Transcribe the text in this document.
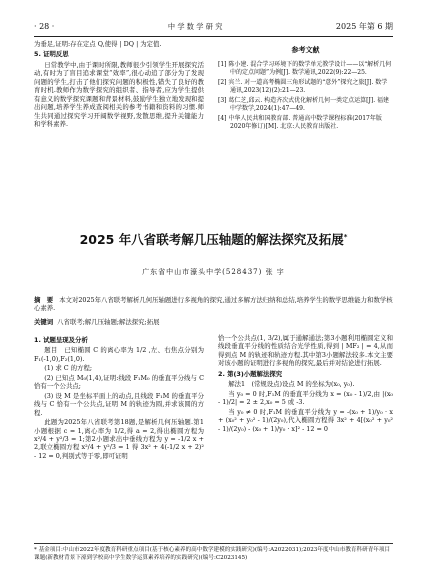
· 28 ·	中 学 数 学 研 究	2025 年第 6 期

为垂足,证明:存在定点 Q,使得 | DQ | 为定值.

5. 证明反思

日常教学中,由于课时所限,教师很少引领学生开展探究活动,有时为了盲目追求课堂“效率”,很心动追了部分为了发现问题的学生,打击了他们探究问题的积极性,错失了良好的教育时机.教师作为数学探究的组织者、指导者,应为学生提供有意义的数学探究课题和背景材料,鼓励学生独立地发现和提出问题,培养学生养成查阅相关的参考书籍和资料的习惯.师生共同通过探究学习开阔数学视野,发散思维,提升关键能力和学科素养.

参考文献

[1] 陈小建. 混合学习环境下的数学单元教学设计——以“解析几何中的定点问题”为例[J]. 数学通讯,2022(9):22—25.

[2] 宾兰. 对一道高考椭圆三角形试题的“意外”探究之旅[J]. 数学通讯,2023(12)(2):21—23.

[3] 葛仁芝,邱云. 构造齐次式优化解析几何一类定点运算[J]. 福建中学数学,2024(1):47—49.

[4] 中华人民共和国教育部. 普通高中数学课程标准(2017年版2020年修订)[M]. 北京:人民教育出版社.

2025 年八省联考解几压轴题的解法探究及拓展*
广东省中山市濠头中学(528437) 张 宇
摘　要 本文对2025年八省联考解析几何压轴题进行多视角的探究,通过多解方法归纳和总结,培养学生的数学思维能力和数学核心素养.
关键词 八省联考;解几压轴题;解法探究;拓展

1. 试题呈现及分析

题目　已知椭圆 C 的离心率为 1/2 ,左、右焦点分别为 F₁(-1,0),F₂(1,0).

(1) 求 C 的方程;

(2) 已知点 M₀(1,4),证明:线段 F₁M₀ 的垂直平分线与 C 恰有一个公共点;

(3) 设 M 是坐标平面上的动点,且线段 F₁M 的垂直平分线与 C 恰有一个公共点,证明 M 的轨迹为圆,并求该圆的方程.

此题为2025年八省联考第18题,是解析几何压轴题.第1小题根据 c = 1,离心率为 1/2,得 a = 2,得出椭圆方程为 x²/4 + y²/3 = 1;第2小题求出中垂线方程为 y = -1/2 x + 2,联立椭圆方程 x²/4 + y²/3 = 1 得 3x² + 4(-1/2 x + 2)² - 12 = 0,判别式等于零,即可证明

恰一个公共点(1, 3/2),属于通解通法;第3小题利用椭圆定义和线段垂直平分线的性质结合光学性质,得到 | MF₂ | = 4,从而得到点 M 的轨迹和轨迹方程.其中第3小题解法较多.本文主要对该小题的证明进行多视角的探究,最后并对结论进行拓展.

2. 第(3)小题解法探究

解法1　(常规设点)设点 M 的坐标为(x₀, y₀).

当 y₀ = 0 时,F₁M 的垂直平分线为 x = (x₀ - 1)/2,由 |(x₀ - 1)/2| = 2 ± 2,x₀ = 5 或 -3.

当 y₀ ≠ 0 时,F₁M 的垂直平分线为 y = -(x₀ + 1)/y₀ · x + (x₀² + y₀² - 1)/(2y₀),代入椭圆方程得 3x² + 4[(x₀² + y₀² - 1)/(2y₀) - (x₀ + 1)/y₀ · x]² - 12 = 0

* 基金项目:中山市2022年度教育科研重点项目(基于核心素养的高中数学建模的实践研究)(编号:A2022031);2023年度中山市教育科研青年项目课题(新教材背景下濠到学校高中学生数学运算素养培养的实践研究)(编号:C2023145)
